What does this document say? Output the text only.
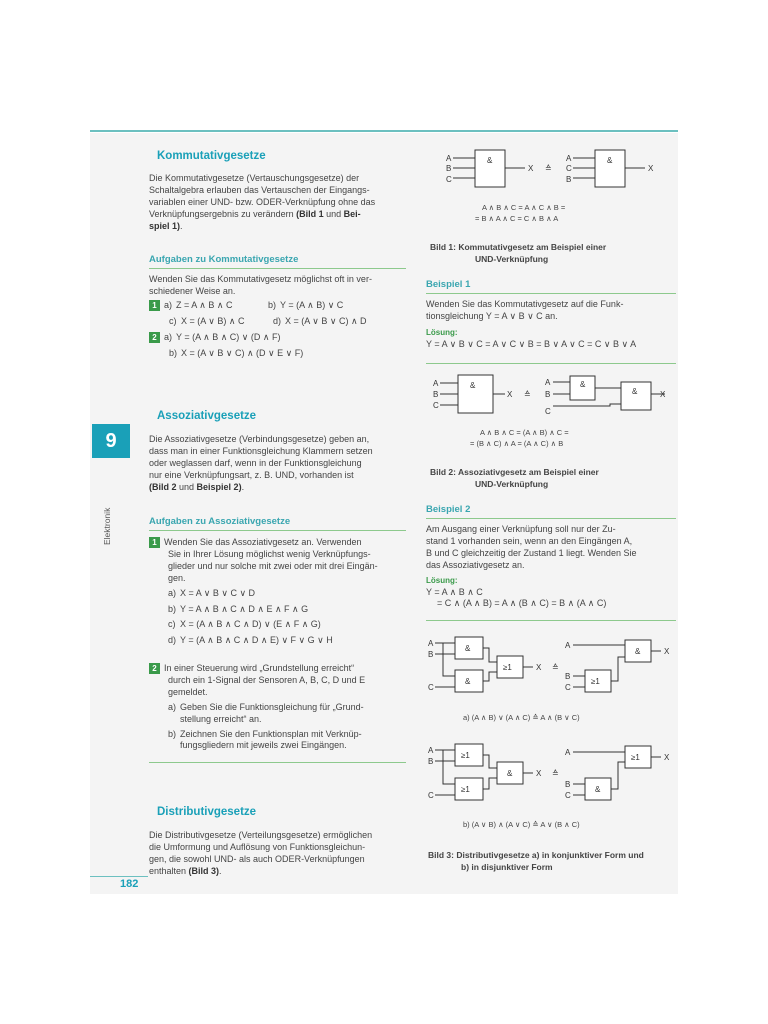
9
Elektronik
182
Kommutativgesetze
Die Kommutativgesetze (Vertauschungsgesetze) der
Schaltalgebra erlauben das Vertauschen der Eingangs-
variablen einer UND- bzw. ODER-Verknüpfung ohne das
Verknüpfungsergebnis zu verändern (Bild 1 und Bei-
spiel 1).
Aufgaben zu Kommutativgesetze
Wenden Sie das Kommutativgesetz möglichst oft in ver-
schiedener Weise an.
1 a) Z = A ∧ B ∧ C	b) Y = (A ∧ B) ∨ C
c) X = (A ∨ B) ∧ C	d) X = (A ∨ B ∨ C) ∧ D
2 a) Y = (A ∧ B ∧ C) ∨ (D ∧ F)
b) X = (A ∨ B ∨ C) ∧ (D ∨ E ∨ F)
Assoziativgesetze
Die Assoziativgesetze (Verbindungsgesetze) geben an,
dass man in einer Funktionsgleichung Klammern setzen
oder weglassen darf, wenn in der Funktionsgleichung
nur eine Verknüpfungsart, z. B. UND, vorhanden ist
(Bild 2 und Beispiel 2).
Aufgaben zu Assoziativgesetze
1 Wenden Sie das Assoziativgesetz an. Verwenden
Sie in Ihrer Lösung möglichst wenig Verknüpfungs-
glieder und nur solche mit zwei oder mit drei Eingän-
gen.
a) X = A ∨ B ∨ C ∨ D
b) Y = A ∧ B ∧ C ∧ D ∧ E ∧ F ∧ G
c) X = (A ∧ B ∧ C ∧ D) ∨ (E ∧ F ∧ G)
d) Y = (A ∧ B ∧ C ∧ D ∧ E) ∨ F ∨ G ∨ H
2 In einer Steuerung wird „Grundstellung erreicht“
durch ein 1-Signal der Sensoren A, B, C, D und E
gemeldet.
a) Geben Sie die Funktionsgleichung für „Grund-
stellung erreicht“ an.
b) Zeichnen Sie den Funktionsplan mit Verknüp-
fungsgliedern mit jeweils zwei Eingängen.
Distributivgesetze
Die Distributivgesetze (Verteilungsgesetze) ermöglichen
die Umformung und Auflösung von Funktionsgleichun-
gen, die sowohl UND- als auch ODER-Verknüpfungen
enthalten (Bild 3).
&	&
A
B
C
X ≙
A
C
B
X
A ∧ B ∧ C = A ∧ C ∧ B =
= B ∧ A ∧ C = C ∧ B ∧ A
Bild 1: Kommutativgesetz am Beispiel einer
UND-Verknüpfung
Beispiel 1
Wenden Sie das Kommutativgesetz auf die Funk-
tionsgleichung Y = A ∨ B ∨ C an.
Lösung:
Y = A ∨ B ∨ C = A ∨ C ∨ B = B ∨ A ∨ C = C ∨ B ∨ A
&	&
&
A
B
C
X ≙
A
B
C
X
A ∧ B ∧ C = (A ∧ B) ∧ C =
= (B ∧ C) ∧ A = (A ∧ C) ∧ B
Bild 2: Assoziativgesetz am Beispiel einer
UND-Verknüpfung
Beispiel 2
Am Ausgang einer Verknüpfung soll nur der Zu-
stand 1 vorhanden sein, wenn an den Eingängen A,
B und C gleichzeitig der Zustand 1 liegt. Wenden Sie
das Assoziativgesetz an.
Lösung:
Y = A ∧ B ∧ C
= C ∧ (A ∧ B) = A ∧ (B ∧ C) = B ∧ (A ∧ C)
&
&
≥1
&
≥1
A
B
C
X ≙
A
B
C
X
a) (A ∧ B) ∨ (A ∧ C) ≙ A ∧ (B ∨ C)
≥1
≥1
&
≥1
&
A
B
C
X ≙
A
B
C
X
b) (A ∨ B) ∧ (A ∨ C) ≙ A ∨ (B ∧ C)
Bild 3: Distributivgesetze a) in konjunktiver Form und
b) in disjunktiver Form
